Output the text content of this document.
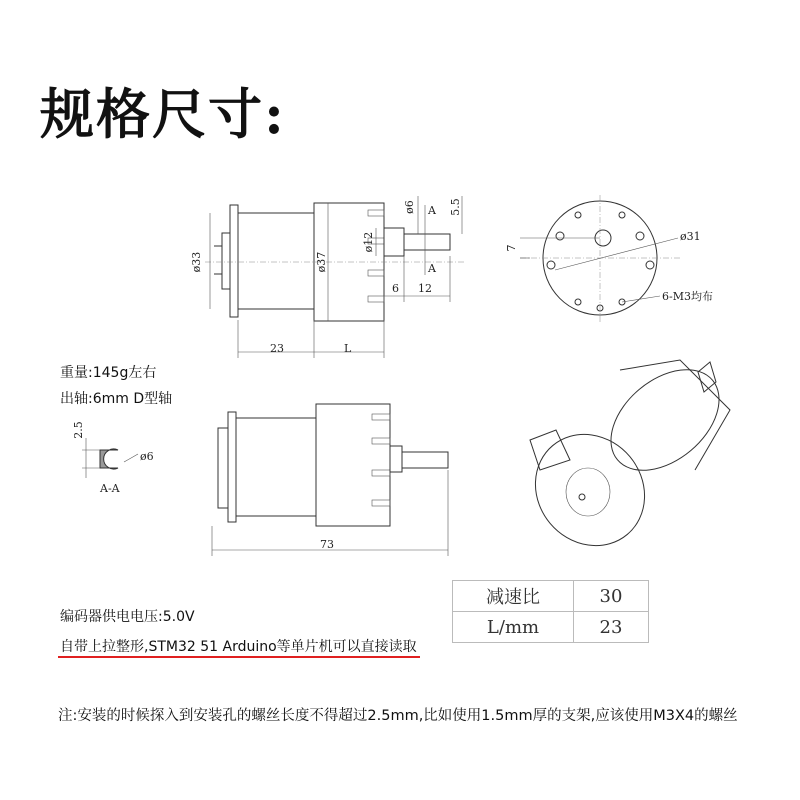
规格尺寸:
ø33	ø37
ø12
ø6	5.5
A
A
6 12
23	L
7
ø31
6-M3均布
73
2.5
ø6
A-A
重量:145g左右
出轴:6mm D型轴
减速比	30
L/mm	23
编码器供电电压:5.0V
自带上拉整形,STM32 51 Arduino等单片机可以直接读取
注:安装的时候探入到安装孔的螺丝长度不得超过2.5mm,比如使用1.5mm厚的支架,应该使用M3X4的螺丝
